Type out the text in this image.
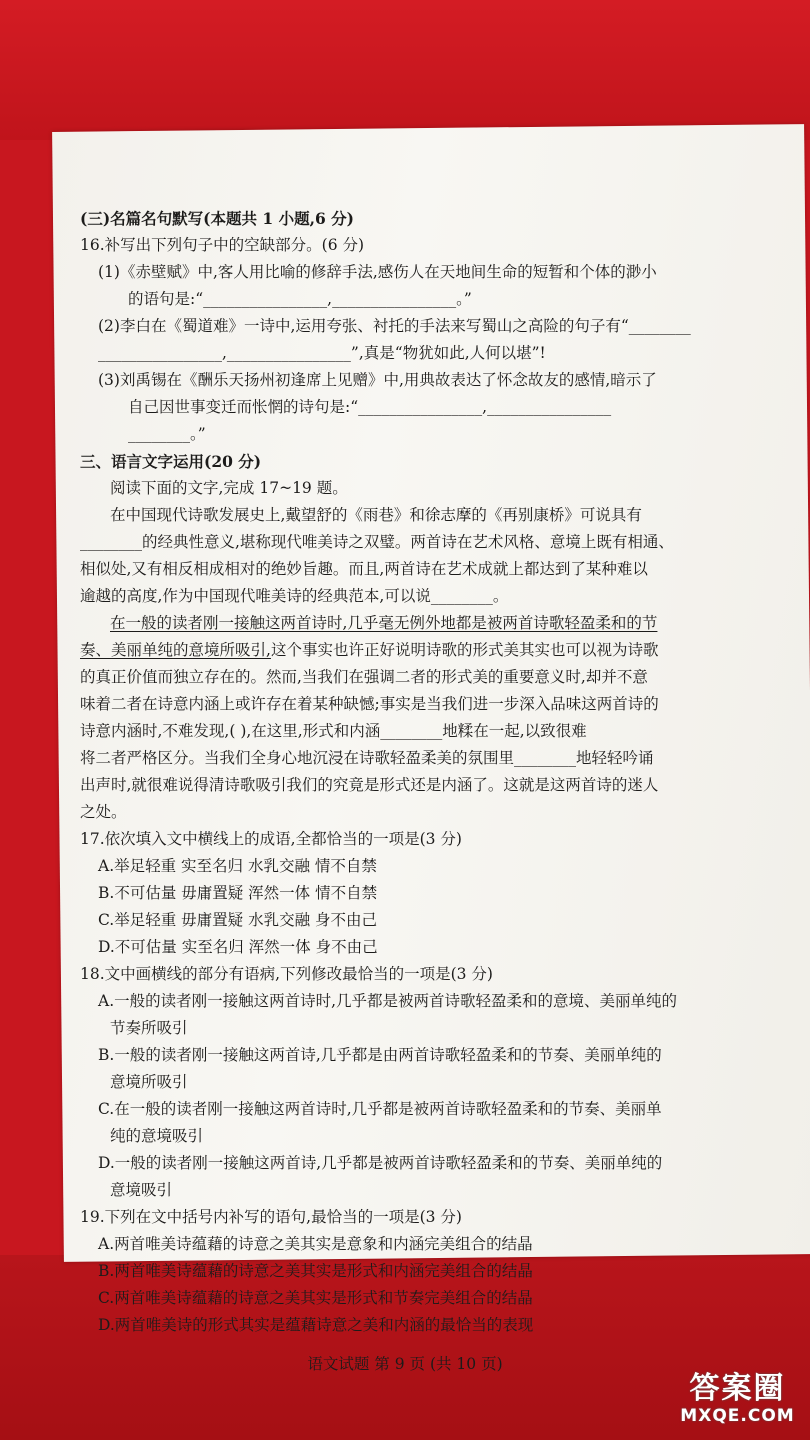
(三)名篇名句默写(本题共 1 小题,6 分)
16.补写出下列句子中的空缺部分。(6 分)
(1)《赤壁赋》中,客人用比喻的修辞手法,感伤人在天地间生命的短暂和个体的渺小
的语句是:“________________,________________。”
(2)李白在《蜀道难》一诗中,运用夸张、衬托的手法来写蜀山之高险的句子有“________
________________,________________”,真是“物犹如此,人何以堪”!
(3)刘禹锡在《酬乐天扬州初逢席上见赠》中,用典故表达了怀念故友的感情,暗示了
自己因世事变迁而怅惘的诗句是:“________________,________________
________。”
三、语言文字运用(20 分)
阅读下面的文字,完成 17~19 题。
在中国现代诗歌发展史上,戴望舒的《雨巷》和徐志摩的《再别康桥》可说具有
________的经典性意义,堪称现代唯美诗之双璧。两首诗在艺术风格、意境上既有相通、
相似处,又有相反相成相对的绝妙旨趣。而且,两首诗在艺术成就上都达到了某种难以
逾越的高度,作为中国现代唯美诗的经典范本,可以说________。
在一般的读者刚一接触这两首诗时,几乎毫无例外地都是被两首诗歌轻盈柔和的节
奏、美丽单纯的意境所吸引,这个事实也许正好说明诗歌的形式美其实也可以视为诗歌
的真正价值而独立存在的。然而,当我们在强调二者的形式美的重要意义时,却并不意
味着二者在诗意内涵上或许存在着某种缺憾;事实是当我们进一步深入品味这两首诗的
诗意内涵时,不难发现,( ),在这里,形式和内涵________地糅在一起,以致很难
将二者严格区分。当我们全身心地沉浸在诗歌轻盈柔美的氛围里________地轻轻吟诵
出声时,就很难说得清诗歌吸引我们的究竟是形式还是内涵了。这就是这两首诗的迷人
之处。
17.依次填入文中横线上的成语,全都恰当的一项是(3 分)
A.举足轻重 实至名归 水乳交融 情不自禁
B.不可估量 毋庸置疑 浑然一体 情不自禁
C.举足轻重 毋庸置疑 水乳交融 身不由己
D.不可估量 实至名归 浑然一体 身不由己
18.文中画横线的部分有语病,下列修改最恰当的一项是(3 分)
A.一般的读者刚一接触这两首诗时,几乎都是被两首诗歌轻盈柔和的意境、美丽单纯的
节奏所吸引
B.一般的读者刚一接触这两首诗,几乎都是由两首诗歌轻盈柔和的节奏、美丽单纯的
意境所吸引
C.在一般的读者刚一接触这两首诗时,几乎都是被两首诗歌轻盈柔和的节奏、美丽单
纯的意境吸引
D.一般的读者刚一接触这两首诗,几乎都是被两首诗歌轻盈柔和的节奏、美丽单纯的
意境吸引
19.下列在文中括号内补写的语句,最恰当的一项是(3 分)
A.两首唯美诗蕴藉的诗意之美其实是意象和内涵完美组合的结晶
B.两首唯美诗蕴藉的诗意之美其实是形式和内涵完美组合的结晶
C.两首唯美诗蕴藉的诗意之美其实是形式和节奏完美组合的结晶
D.两首唯美诗的形式其实是蕴藉诗意之美和内涵的最恰当的表现
语文试题 第 9 页 (共 10 页)
答案圈
MXQE.COM
